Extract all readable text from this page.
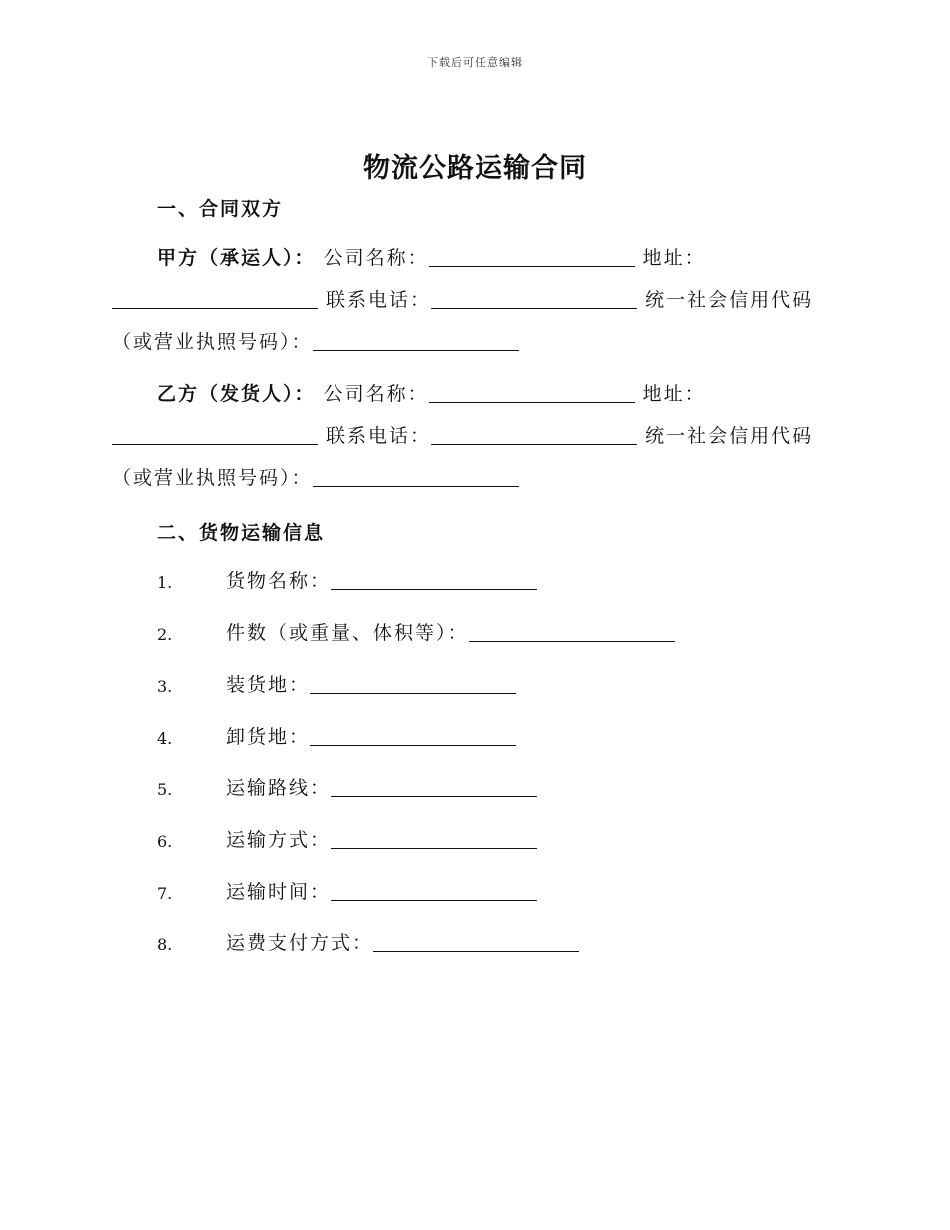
下载后可任意编辑
物流公路运输合同
一、合同双方
甲方（承运人）： 公司名称：	地址：
联系电话：	统一社会信用代码
（或营业执照号码）：
乙方（发货人）： 公司名称：	地址：
联系电话：	统一社会信用代码
（或营业执照号码）：
二、货物运输信息
1.	货物名称：
2.	件数（或重量、体积等）：
3.	装货地：
4.	卸货地：
5.	运输路线：
6.	运输方式：
7.	运输时间：
8.	运费支付方式：
